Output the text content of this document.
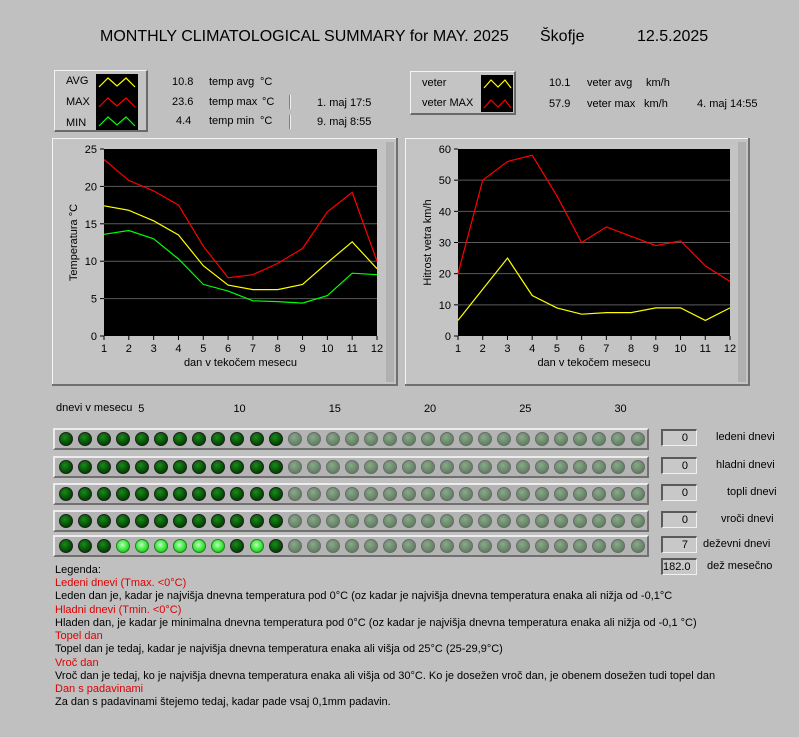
MONTHLY CLIMATOLOGICAL SUMMARY for MAY. 2025 Škofje	12.5.2025
AVG
MAX
MIN
10.8 temp avg °C
23.6 temp max °C	1. maj 17:5
4.4 temp min °C	9. maj 8:55
veter
veter MAX
10.1 veter avg km/h
57.9 veter max km/h	4. maj 14:55
0
5
10
15
20
25
1 2 3 4 5 6 7 8 9 10 11 12
dan v tekočem mesecu
Temperatura °C
0
10
20
30
40
50
60
1 2 3 4 5 6 7 8 9 10 11 12
dan v tekočem mesecu
Hitrost vetra km/h
dnevi v mesecu 5	10	15	20	25	30
0	ledeni dnevi
0	hladni dnevi
0	topli dnevi
0	vroči dnevi
7	deževni dnevi
182.0	dež mesečno
Legenda:
Ledeni dnevi (Tmax. <0°C)
Leden dan je, kadar je najvišja dnevna temperatura pod 0°C (oz kadar je najvišja dnevna temperatura enaka ali nižja od -0,1°C
Hladni dnevi (Tmin. <0°C)
Hladen dan, je kadar je minimalna dnevna temperatura pod 0°C (oz kadar je najvišja dnevna temperatura enaka ali nižja od -0,1 °C)
Topel dan
Topel dan je tedaj, kadar je najvišja dnevna temperatura enaka ali višja od 25°C (25-29,9°C)
Vroč dan
Vroč dan je tedaj, ko je najvišja dnevna temperatura enaka ali višja od 30°C. Ko je dosežen vroč dan, je obenem dosežen tudi topel dan
Dan s padavinami
Za dan s padavinami štejemo tedaj, kadar pade vsaj 0,1mm padavin.
